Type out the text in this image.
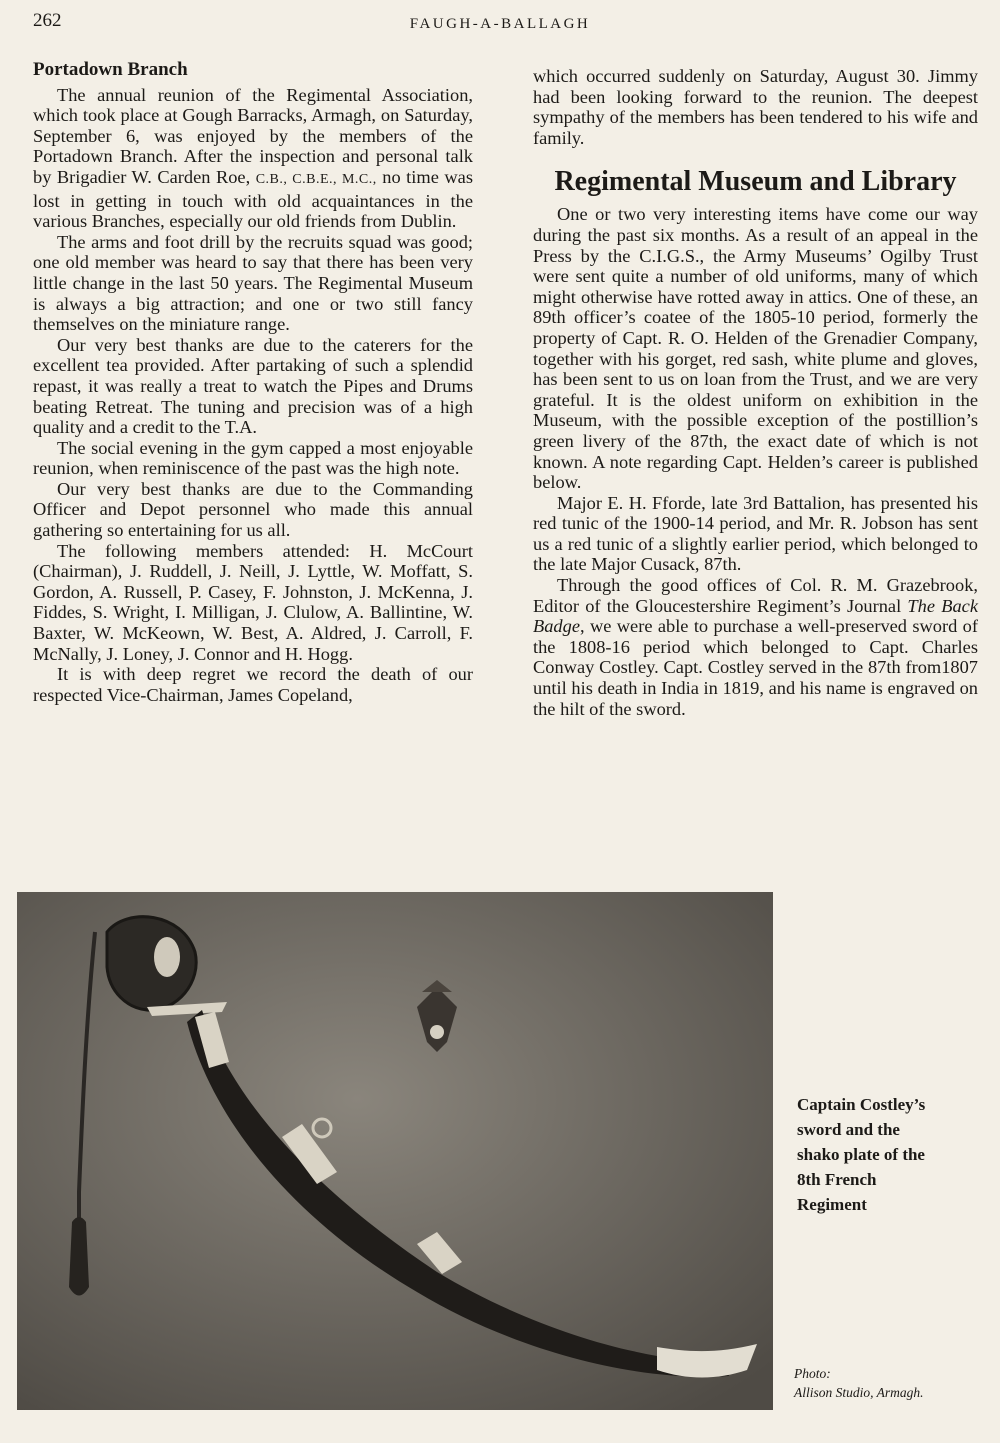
262	FAUGH-A-BALLAGH
Portadown Branch

The annual reunion of the Regimental Association, which took place at Gough Barracks, Armagh, on Saturday, September 6, was enjoyed by the members of the Portadown Branch. After the inspection and personal talk by Brigadier W. Carden Roe, C.B., C.B.E., M.C., no time was lost in getting in touch with old acquaintances in the various Branches, especially our old friends from Dublin.

The arms and foot drill by the recruits squad was good; one old member was heard to say that there has been very little change in the last 50 years. The Regimental Museum is always a big attraction; and one or two still fancy themselves on the miniature range.

Our very best thanks are due to the caterers for the excellent tea provided. After partaking of such a splendid repast, it was really a treat to watch the Pipes and Drums beating Retreat. The tuning and precision was of a high quality and a credit to the T.A.

The social evening in the gym capped a most enjoyable reunion, when reminiscence of the past was the high note.

Our very best thanks are due to the Commanding Officer and Depot personnel who made this annual gathering so entertaining for us all.

The following members attended: H. McCourt (Chairman), J. Ruddell, J. Neill, J. Lyttle, W. Moffatt, S. Gordon, A. Russell, P. Casey, F. Johnston, J. McKenna, J. Fiddes, S. Wright, I. Milligan, J. Clulow, A. Ballintine, W. Baxter, W. McKeown, W. Best, A. Aldred, J. Carroll, F. McNally, J. Loney, J. Connor and H. Hogg.

It is with deep regret we record the death of our respected Vice-Chairman, James Copeland,

which occurred suddenly on Saturday, August 30. Jimmy had been looking forward to the reunion. The deepest sympathy of the members has been tendered to his wife and family.

Regimental Museum and Library

One or two very interesting items have come our way during the past six months. As a result of an appeal in the Press by the C.I.G.S., the Army Museums’ Ogilby Trust were sent quite a number of old uniforms, many of which might otherwise have rotted away in attics. One of these, an 89th officer’s coatee of the 1805-10 period, formerly the property of Capt. R. O. Helden of the Grenadier Company, together with his gorget, red sash, white plume and gloves, has been sent to us on loan from the Trust, and we are very grateful. It is the oldest uniform on exhibition in the Museum, with the possible exception of the postillion’s green livery of the 87th, the exact date of which is not known. A note regarding Capt. Helden’s career is published below.

Major E. H. Fforde, late 3rd Battalion, has presented his red tunic of the 1900-14 period, and Mr. R. Jobson has sent us a red tunic of a slightly earlier period, which belonged to the late Major Cusack, 87th.

Through the good offices of Col. R. M. Grazebrook, Editor of the Gloucestershire Regiment’s Journal The Back Badge, we were able to purchase a well-preserved sword of the 1808-16 period which belonged to Capt. Charles Conway Costley. Capt. Costley served in the 87th from1807 until his death in India in 1819, and his name is engraved on the hilt of the sword.

Captain Costley’s
sword and the
shako plate of the
8th French
Regiment
Photo:
Allison Studio, Armagh.
